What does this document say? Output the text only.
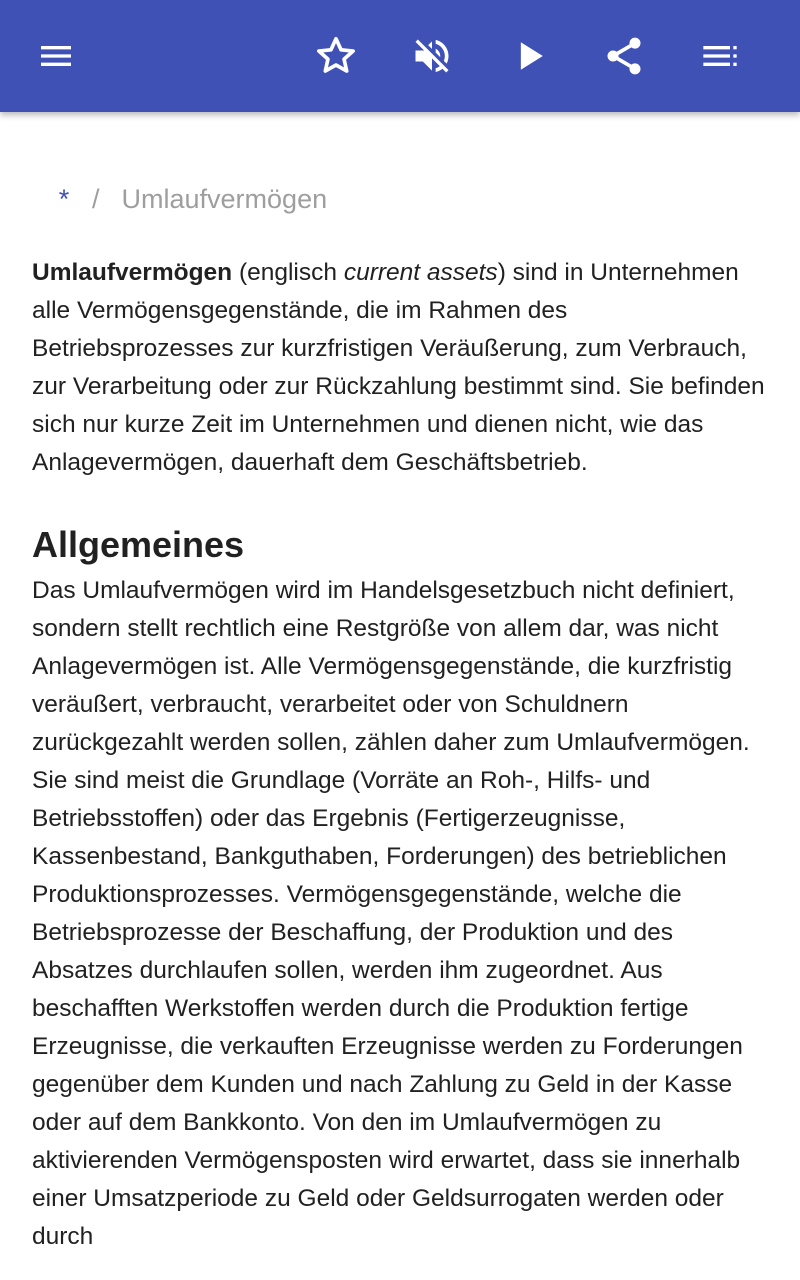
* / Umlaufvermögen

Umlaufvermögen (englisch current assets) sind in Unternehmen alle Vermögensgegenstände, die im Rahmen des Betriebsprozesses zur kurzfristigen Veräußerung, zum Verbrauch, zur Verarbeitung oder zur Rückzahlung bestimmt sind. Sie befinden sich nur kurze Zeit im Unternehmen und dienen nicht, wie das Anlagevermögen, dauerhaft dem Geschäftsbetrieb.

Allgemeines

Das Umlaufvermögen wird im Handelsgesetzbuch nicht definiert, sondern stellt rechtlich eine Restgröße von allem dar, was nicht Anlagevermögen ist. Alle Vermögensgegenstände, die kurzfristig veräußert, verbraucht, verarbeitet oder von Schuldnern zurückgezahlt werden sollen, zählen daher zum Umlaufvermögen. Sie sind meist die Grundlage (Vorräte an Roh-, Hilfs- und Betriebsstoffen) oder das Ergebnis (Fertigerzeugnisse, Kassenbestand, Bankguthaben, Forderungen) des betrieblichen Produktionsprozesses. Vermögensgegenstände, welche die Betriebsprozesse der Beschaffung, der Produktion und des Absatzes durchlaufen sollen, werden ihm zugeordnet. Aus beschafften Werkstoffen werden durch die Produktion fertige Erzeugnisse, die verkauften Erzeugnisse werden zu Forderungen gegenüber dem Kunden und nach Zahlung zu Geld in der Kasse oder auf dem Bankkonto. Von den im Umlaufvermögen zu aktivierenden Vermögensposten wird erwartet, dass sie innerhalb einer Umsatzperiode zu Geld oder Geldsurrogaten werden oder durch
